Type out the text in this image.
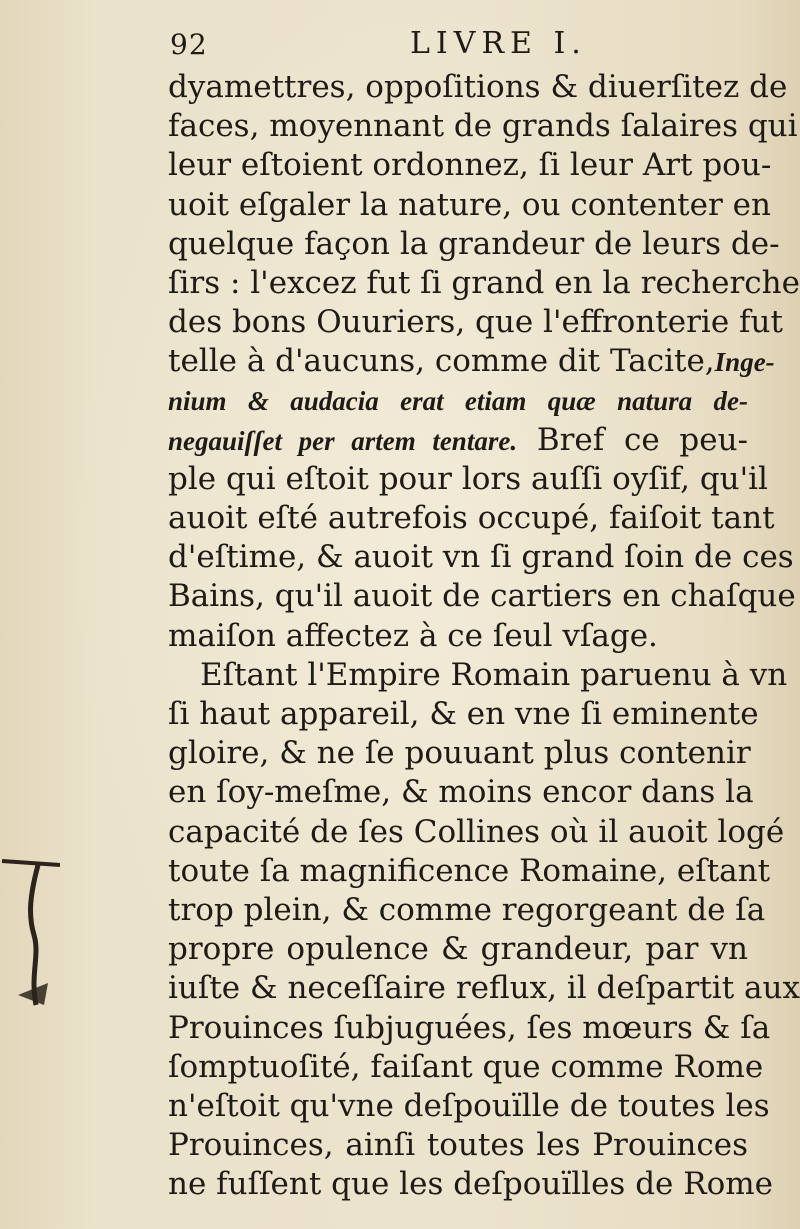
92	LIVRE I.
dyamettres, oppoſitions & diuerſitez de
faces, moyennant de grands ſalaires qui
leur eſtoient ordonnez, ſi leur Art pou-
uoit eſgaler la nature, ou contenter en
quelque façon la grandeur de leurs de-
ſirs : l'excez fut ſi grand en la recherche
des bons Ouuriers, que l'effronterie fut
telle à d'aucuns, comme dit Tacite,Inge-
nium & audacia erat etiam quæ natura de-
negauiſſet per artem tentare. Bref ce peu-
ple qui eſtoit pour lors auſſi oyſif, qu'il
auoit eſté autrefois occupé, faiſoit tant
d'eſtime, & auoit vn ſi grand ſoin de ces
Bains, qu'il auoit de cartiers en chaſque
maiſon affectez à ce ſeul vſage.
Eſtant l'Empire Romain paruenu à vn
ſi haut appareil, & en vne ſi eminente
gloire, & ne ſe pouuant plus contenir
en ſoy-meſme, & moins encor dans la
capacité de ſes Collines où il auoit logé
toute ſa magnificence Romaine, eſtant
trop plein, & comme regorgeant de ſa
propre opulence & grandeur, par vn
iuſte & neceſſaire reflux, il deſpartit aux
Prouinces ſubjuguées, ſes mœurs & ſa
ſomptuoſité, faiſant que comme Rome
n'eſtoit qu'vne deſpouïlle de toutes les
Prouinces, ainſi toutes les Prouinces
ne fuſſent que les deſpouïlles de Rome
